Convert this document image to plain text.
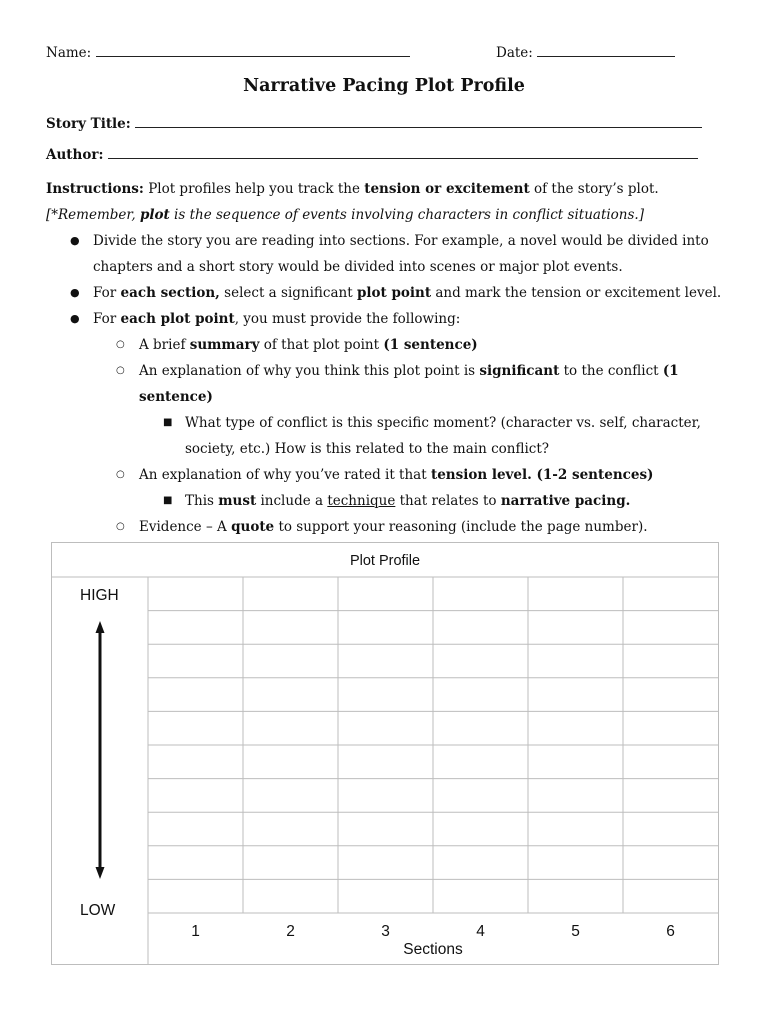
Name:	Date:
Narrative Pacing Plot Profile
Story Title:
Author:
Instructions: Plot profiles help you track the tension or excitement of the story’s plot. [*Remember, plot is the sequence of events involving characters in conflict situations.]
● Divide the story you are reading into sections. For example, a novel would be divided into chapters and a short story would be divided into scenes or major plot events.
● For each section, select a significant plot point and mark the tension or excitement level.
● For each plot point, you must provide the following:
○ A brief summary of that plot point (1 sentence)
○ An explanation of why you think this plot point is significant to the conflict (1 sentence)
■ What type of conflict is this specific moment? (character vs. self, character, society, etc.) How is this related to the main conflict?
○ An explanation of why you’ve rated it that tension level. (1-2 sentences)
■ This must include a technique that relates to narrative pacing.
○ Evidence – A quote to support your reasoning (include the page number).
Plot Profile
HIGH
LOW
1	2	3	4	5	6
Sections
